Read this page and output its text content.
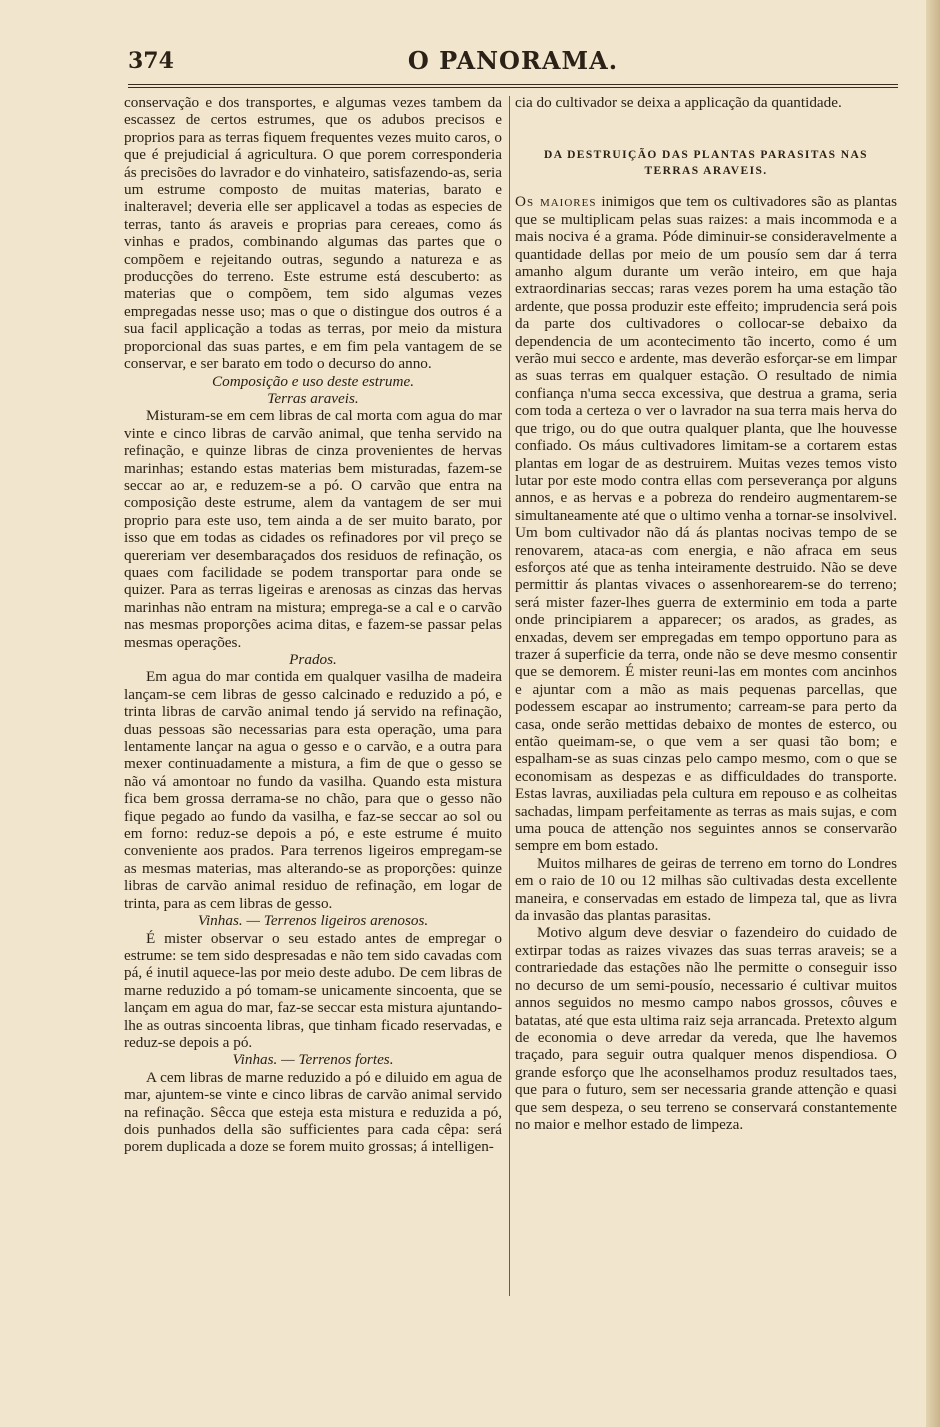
374	O PANORAMA.

conservação e dos transportes, e algumas vezes tambem da escassez de certos estrumes, que os adubos precisos e proprios para as terras fiquem frequentes vezes muito caros, o que é prejudicial á agricultura. O que porem corresponderia ás precisões do lavrador e do vinhateiro, satisfazendo-as, seria um estrume composto de muitas materias, barato e inalteravel; deveria elle ser applicavel a todas as especies de terras, tanto ás araveis e proprias para cereaes, como ás vinhas e prados, combinando algumas das partes que o compõem e rejeitando outras, segundo a natureza e as producções do terreno. Este estrume está descuberto: as materias que o compõem, tem sido algumas vezes empregadas nesse uso; mas o que o distingue dos outros é a sua facil applicação a todas as terras, por meio da mistura proporcional das suas partes, e em fim pela vantagem de se conservar, e ser barato em todo o decurso do anno.

Composição e uso deste estrume.

Terras araveis.

Misturam-se em cem libras de cal morta com agua do mar vinte e cinco libras de carvão animal, que tenha servido na refinação, e quinze libras de cinza provenientes de hervas marinhas; estando estas materias bem misturadas, fazem-se seccar ao ar, e reduzem-se a pó. O carvão que entra na composição deste estrume, alem da vantagem de ser mui proprio para este uso, tem ainda a de ser muito barato, por isso que em todas as cidades os refinadores por vil preço se quereriam ver desembaraçados dos residuos de refinação, os quaes com facilidade se podem transportar para onde se quizer. Para as terras ligeiras e arenosas as cinzas das hervas marinhas não entram na mistura; emprega-se a cal e o carvão nas mesmas proporções acima ditas, e fazem-se passar pelas mesmas operações.

Prados.

Em agua do mar contida em qualquer vasilha de madeira lançam-se cem libras de gesso calcinado e reduzido a pó, e trinta libras de carvão animal tendo já servido na refinação, duas pessoas são necessarias para esta operação, uma para lentamente lançar na agua o gesso e o carvão, e a outra para mexer continuadamente a mistura, a fim de que o gesso se não vá amontoar no fundo da vasilha. Quando esta mistura fica bem grossa derrama-se no chão, para que o gesso não fique pegado ao fundo da vasilha, e faz-se seccar ao sol ou em forno: reduz-se depois a pó, e este estrume é muito conveniente aos prados. Para terrenos ligeiros empregam-se as mesmas materias, mas alterando-se as proporções: quinze libras de carvão animal residuo de refinação, em logar de trinta, para as cem libras de gesso.

Vinhas. — Terrenos ligeiros arenosos.

É mister observar o seu estado antes de empregar o estrume: se tem sido despresadas e não tem sido cavadas com pá, é inutil aquece-las por meio deste adubo. De cem libras de marne reduzido a pó tomam-se unicamente sincoenta, que se lançam em agua do mar, faz-se seccar esta mistura ajuntando-lhe as outras sincoenta libras, que tinham ficado reservadas, e reduz-se depois a pó.

Vinhas. — Terrenos fortes.

A cem libras de marne reduzido a pó e diluido em agua de mar, ajuntem-se vinte e cinco libras de carvão animal servido na refinação. Sêcca que esteja esta mistura e reduzida a pó, dois punhados della são sufficientes para cada cêpa: será porem duplicada a doze se forem muito grossas; á intelligen-

cia do cultivador se deixa a applicação da quantidade.

DA DESTRUIÇÃO DAS PLANTAS PARASITAS NAS
TERRAS ARAVEIS.

Os maiores inimigos que tem os cultivadores são as plantas que se multiplicam pelas suas raizes: a mais incommoda e a mais nociva é a grama. Póde diminuir-se consideravelmente a quantidade dellas por meio de um pousío sem dar á terra amanho algum durante um verão inteiro, em que haja extraordinarias seccas; raras vezes porem ha uma estação tão ardente, que possa produzir este effeito; imprudencia será pois da parte dos cultivadores o collocar-se debaixo da dependencia de um acontecimento tão incerto, como é um verão mui secco e ardente, mas deverão esforçar-se em limpar as suas terras em qualquer estação. O resultado de nimia confiança n'uma secca excessiva, que destrua a grama, seria com toda a certeza o ver o lavrador na sua terra mais herva do que trigo, ou do que outra qualquer planta, que lhe houvesse confiado. Os máus cultivadores limitam-se a cortarem estas plantas em logar de as destruirem. Muitas vezes temos visto lutar por este modo contra ellas com perseverança por alguns annos, e as hervas e a pobreza do rendeiro augmentarem-se simultaneamente até que o ultimo venha a tornar-se insolvivel. Um bom cultivador não dá ás plantas nocivas tempo de se renovarem, ataca-as com energia, e não afraca em seus esforços até que as tenha inteiramente destruido. Não se deve permittir ás plantas vivaces o assenhorearem-se do terreno; será mister fazer-lhes guerra de exterminio em toda a parte onde principiarem a apparecer; os arados, as grades, as enxadas, devem ser empregadas em tempo opportuno para as trazer á superficie da terra, onde não se deve mesmo consentir que se demorem. É mister reuni-las em montes com ancinhos e ajuntar com a mão as mais pequenas parcellas, que podessem escapar ao instrumento; carream-se para perto da casa, onde serão mettidas debaixo de montes de esterco, ou então queimam-se, o que vem a ser quasi tão bom; e espalham-se as suas cinzas pelo campo mesmo, com o que se economisam as despezas e as difficuldades do transporte. Estas lavras, auxiliadas pela cultura em repouso e as colheitas sachadas, limpam perfeitamente as terras as mais sujas, e com uma pouca de attenção nos seguintes annos se conservarão sempre em bom estado.

Muitos milhares de geiras de terreno em torno do Londres em o raio de 10 ou 12 milhas são cultivadas desta excellente maneira, e conservadas em estado de limpeza tal, que as livra da invasão das plantas parasitas.

Motivo algum deve desviar o fazendeiro do cuidado de extirpar todas as raizes vivazes das suas terras araveis; se a contrariedade das estações não lhe permitte o conseguir isso no decurso de um semi-pousío, necessario é cultivar muitos annos seguidos no mesmo campo nabos grossos, côuves e batatas, até que esta ultima raiz seja arrancada. Pretexto algum de economia o deve arredar da vereda, que lhe havemos traçado, para seguir outra qualquer menos dispendiosa. O grande esforço que lhe aconselhamos produz resultados taes, que para o futuro, sem ser necessaria grande attenção e quasi que sem despeza, o seu terreno se conservará constantemente no maior e melhor estado de limpeza.
